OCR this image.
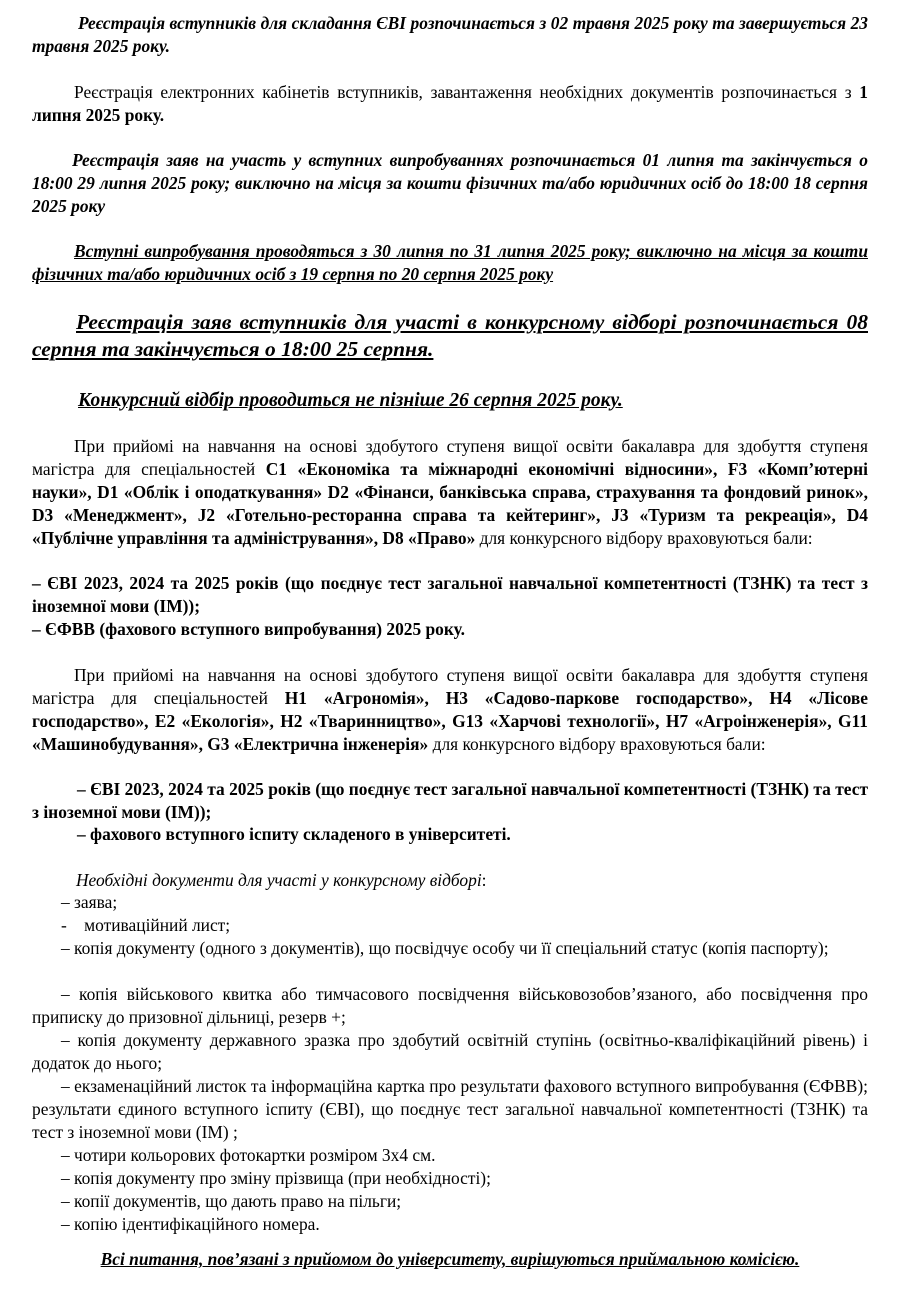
Реєстрація вступників для складання ЄВІ розпочинається з 02 травня 2025 року та завершується 23 травня 2025 року.

Реєстрація електронних кабінетів вступників, завантаження необхідних документів розпочинається з 1 липня 2025 року.

Реєстрація заяв на участь у вступних випробуваннях розпочинається 01 липня та закінчується о 18:00 29 липня 2025 року; виключно на місця за кошти фізичних та/або юридичних осіб до 18:00 18 серпня 2025 року

Вступні випробування проводяться з 30 липня по 31 липня 2025 року; виключно на місця за кошти фізичних та/або юридичних осіб з 19 серпня по 20 серпня 2025 року

Реєстрація заяв вступників для участі в конкурсному відборі розпочинається 08 серпня та закінчується о 18:00 25 серпня.

Конкурсний відбір проводиться не пізніше 26 серпня 2025 року.

При прийомі на навчання на основі здобутого ступеня вищої освіти бакалавра для здобуття ступеня магістра для спеціальностей С1 «Економіка та міжнародні економічні відносини», F3 «Комп’ютерні науки», D1 «Облік і оподаткування» D2 «Фінанси, банківська справа, страхування та фондовий ринок», D3 «Менеджмент», J2 «Готельно-ресторанна справа та кейтеринг», J3 «Туризм та рекреація», D4 «Публічне управління та адміністрування», D8 «Право» для конкурсного відбору враховуються бали:

– ЄВІ 2023, 2024 та 2025 років (що поєднує тест загальної навчальної компетентності (ТЗНК) та тест з іноземної мови (ІМ));

– ЄФВВ (фахового вступного випробування) 2025 року.

При прийомі на навчання на основі здобутого ступеня вищої освіти бакалавра для здобуття ступеня магістра для спеціальностей H1 «Агрономія», H3 «Садово-паркове господарство», H4 «Лісове господарство», E2 «Екологія», H2 «Тваринництво», G13 «Харчові технології», H7 «Агроінженерія», G11 «Машинобудування», G3 «Електрична інженерія» для конкурсного відбору враховуються бали:

– ЄВІ 2023, 2024 та 2025 років (що поєднує тест загальної навчальної компетентності (ТЗНК) та тест з іноземної мови (ІМ));

– фахового вступного іспиту складеного в університеті.

Необхідні документи для участі у конкурсному відборі:

– заява;

-    мотиваційний лист;

– копія документу (одного з документів), що посвідчує особу чи її спеціальний статус (копія паспорту);

– копія військового квитка або тимчасового посвідчення військовозобов’язаного, або посвідчення про приписку до призовної дільниці, резерв +;

– копія документу державного зразка про здобутий освітній ступінь (освітньо-кваліфікаційний рівень) і додаток до нього;

– екзаменаційний листок та інформаційна картка про результати фахового вступного випробування (ЄФВВ); результати єдиного вступного іспиту (ЄВІ), що поєднує тест загальної навчальної компетентності (ТЗНК) та тест з іноземної мови (ІМ) ;

– чотири кольорових фотокартки розміром 3х4 см.

– копія документу про зміну прізвища (при необхідності);

– копії документів, що дають право на пільги;

– копію ідентифікаційного номера.

Всі питання, пов’язані з прийомом до університету, вирішуються приймальною комісією.
